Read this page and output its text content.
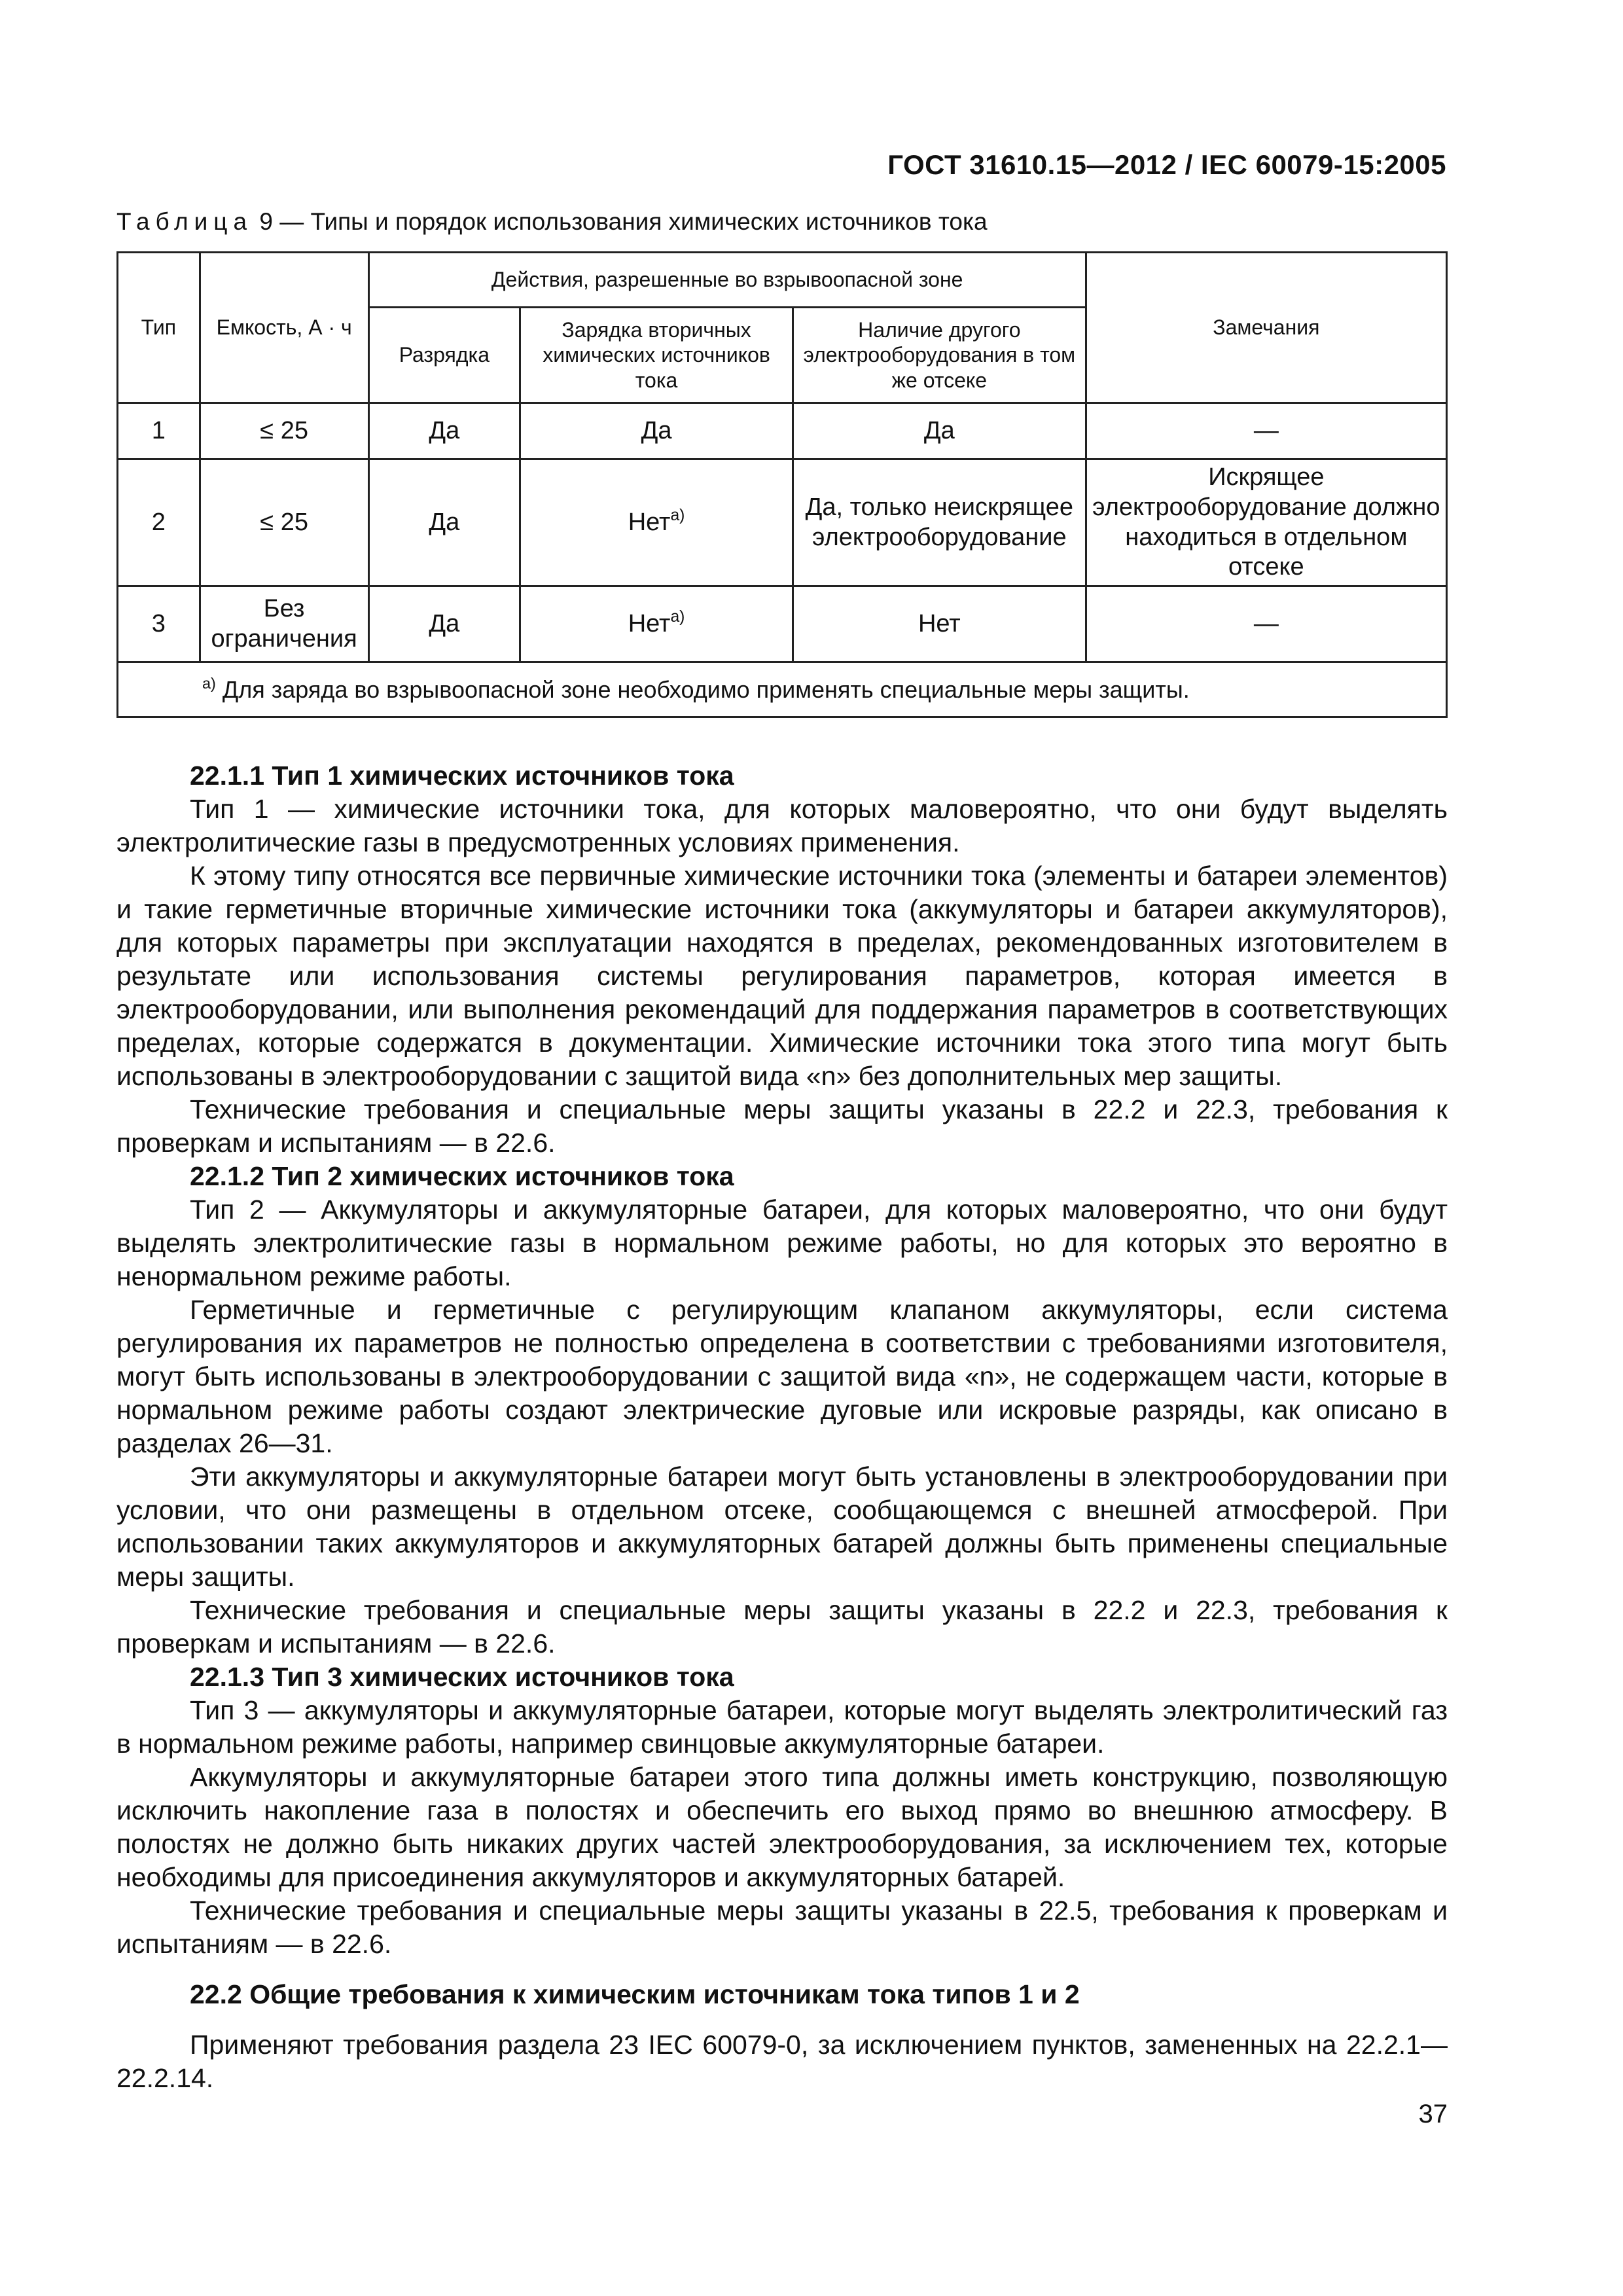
ГОСТ 31610.15—2012 / IEC 60079-15:2005
Таблица 9 — Типы и порядок использования химических источников тока
Тип	Емкость, А · ч	Действия, разрешенные во взрывоопасной зоне			Замечания
		Разрядка	Зарядка вторичных химических источников тока	Наличие другого электрооборудования в том же отсеке	
1	≤ 25	Да	Да	Да	—
2	≤ 25	Да	Нет$^{а)}$	Да, только неискрящее электрооборудование	Искрящее электрооборудование должно находиться в отдельном отсеке
3	Без ограничения	Да	Нет$^{а)}$	Нет	—
$^{а)}$ Для заряда во взрывоопасной зоне необходимо применять специальные меры защиты.					
22.1.1 Тип 1 химических источников тока

Тип 1 — химические источники тока, для которых маловероятно, что они будут выделять электролитические газы в предусмотренных условиях применения.

К этому типу относятся все первичные химические источники тока (элементы и батареи элементов) и такие герметичные вторичные химические источники тока (аккумуляторы и батареи аккумуляторов), для которых параметры при эксплуатации находятся в пределах, рекомендованных изготовителем в результате или использования системы регулирования параметров, которая имеется в электрооборудовании, или выполнения рекомендаций для поддержания параметров в соответствующих пределах, которые содержатся в документации. Химические источники тока этого типа могут быть использованы в электрооборудовании с защитой вида «n» без дополнительных мер защиты.

Технические требования и специальные меры защиты указаны в 22.2 и 22.3, требования к проверкам и испытаниям — в 22.6.

22.1.2 Тип 2 химических источников тока

Тип 2 — Аккумуляторы и аккумуляторные батареи, для которых маловероятно, что они будут выделять электролитические газы в нормальном режиме работы, но для которых это вероятно в ненормальном режиме работы.

Герметичные и герметичные с регулирующим клапаном аккумуляторы, если система регулирования их параметров не полностью определена в соответствии с требованиями изготовителя, могут быть использованы в электрооборудовании с защитой вида «n», не содержащем части, которые в нормальном режиме работы создают электрические дуговые или искровые разряды, как описано в разделах 26—31.

Эти аккумуляторы и аккумуляторные батареи могут быть установлены в электрооборудовании при условии, что они размещены в отдельном отсеке, сообщающемся с внешней атмосферой. При использовании таких аккумуляторов и аккумуляторных батарей должны быть применены специальные меры защиты.

Технические требования и специальные меры защиты указаны в 22.2 и 22.3, требования к проверкам и испытаниям — в 22.6.

22.1.3 Тип 3 химических источников тока

Тип 3 — аккумуляторы и аккумуляторные батареи, которые могут выделять электролитический газ в нормальном режиме работы, например свинцовые аккумуляторные батареи.

Аккумуляторы и аккумуляторные батареи этого типа должны иметь конструкцию, позволяющую исключить накопление газа в полостях и обеспечить его выход прямо во внешнюю атмосферу. В полостях не должно быть никаких других частей электрооборудования, за исключением тех, которые необходимы для присоединения аккумуляторов и аккумуляторных батарей.

Технические требования и специальные меры защиты указаны в 22.5, требования к проверкам и испытаниям — в 22.6.

22.2 Общие требования к химическим источникам тока типов 1 и 2

Применяют требования раздела 23 IEC 60079-0, за исключением пунктов, замененных на 22.2.1—22.2.14.

37
